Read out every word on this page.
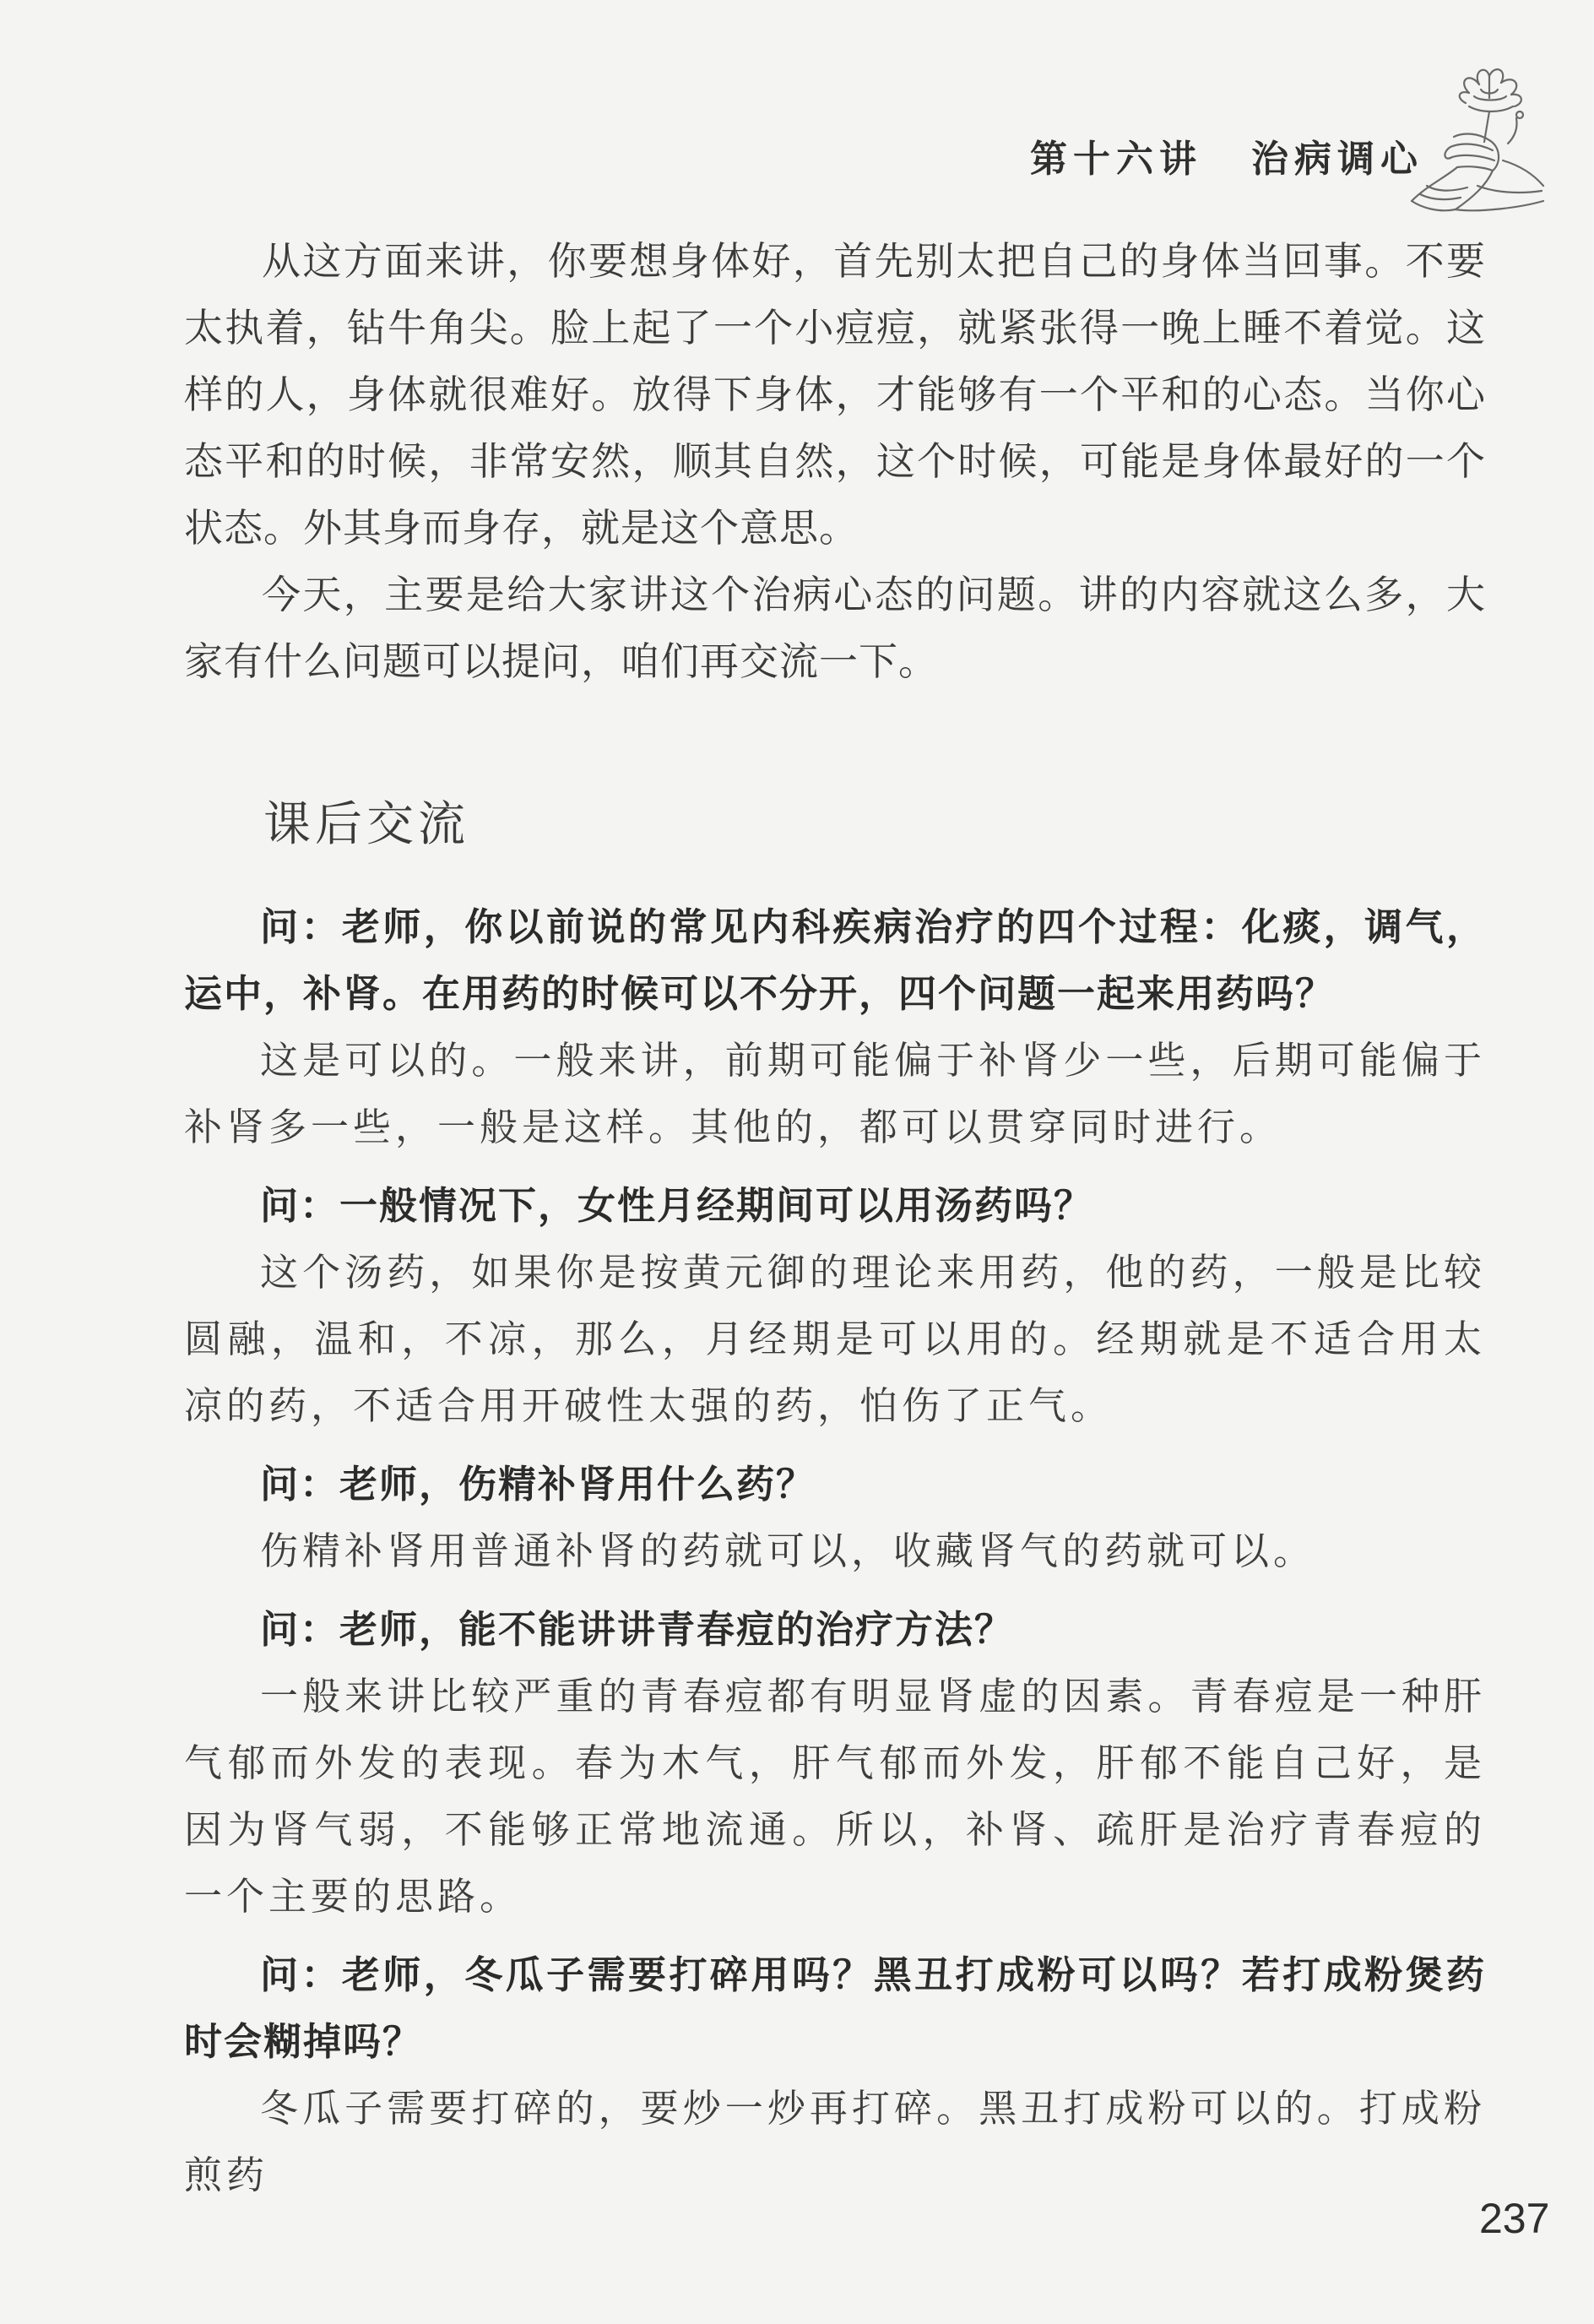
第十六讲 治病调心

从这方面来讲，你要想身体好，首先别太把自己的身体当回事。不要太执着，钻牛角尖。脸上起了一个小痘痘，就紧张得一晚上睡不着觉。这样的人，身体就很难好。放得下身体，才能够有一个平和的心态。当你心态平和的时候，非常安然，顺其自然，这个时候，可能是身体最好的一个状态。外其身而身存，就是这个意思。

今天，主要是给大家讲这个治病心态的问题。讲的内容就这么多，大家有什么问题可以提问，咱们再交流一下。

课后交流

问：老师，你以前说的常见内科疾病治疗的四个过程：化痰，调气，运中，补肾。在用药的时候可以不分开，四个问题一起来用药吗？

这是可以的。一般来讲，前期可能偏于补肾少一些，后期可能偏于补肾多一些，一般是这样。其他的，都可以贯穿同时进行。

问：一般情况下，女性月经期间可以用汤药吗？

这个汤药，如果你是按黄元御的理论来用药，他的药，一般是比较圆融，温和，不凉，那么，月经期是可以用的。经期就是不适合用太凉的药，不适合用开破性太强的药，怕伤了正气。

问：老师，伤精补肾用什么药？

伤精补肾用普通补肾的药就可以，收藏肾气的药就可以。

问：老师，能不能讲讲青春痘的治疗方法？

一般来讲比较严重的青春痘都有明显肾虚的因素。青春痘是一种肝气郁而外发的表现。春为木气，肝气郁而外发，肝郁不能自己好，是因为肾气弱，不能够正常地流通。所以，补肾、疏肝是治疗青春痘的一个主要的思路。

问：老师，冬瓜子需要打碎用吗？黑丑打成粉可以吗？若打成粉煲药时会糊掉吗？

冬瓜子需要打碎的，要炒一炒再打碎。黑丑打成粉可以的。打成粉煎药

237
